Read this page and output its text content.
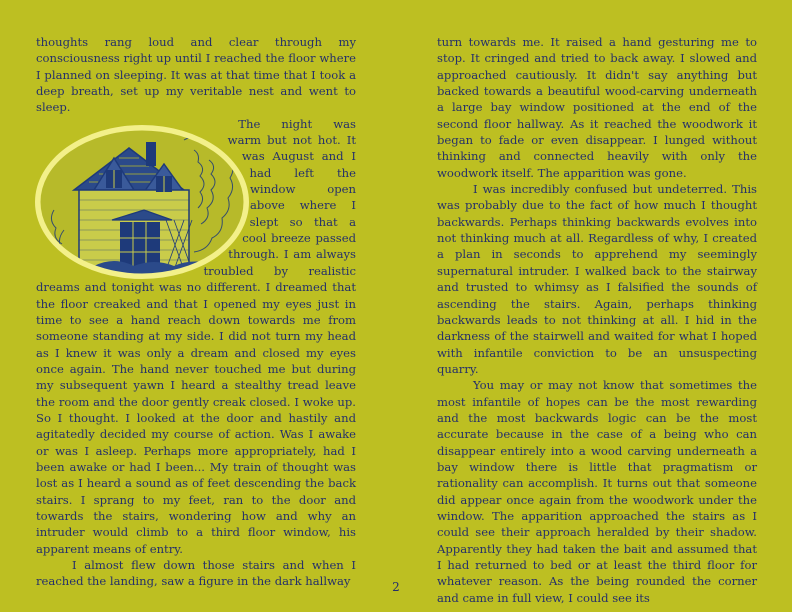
thoughts rang loud and clear through my consciousness right up until I reached the floor where I planned on sleeping. It was at that time that I took a deep breath, set up my veritable nest and went to sleep.

The night was warm but not hot. It was August and I had left the window open above where I slept so that a cool breeze passed through. I am always troubled by realistic dreams and tonight was no different. I dreamed that the floor creaked and that I opened my eyes just in time to see a hand reach down towards me from someone standing at my side. I did not turn my head as I knew it was only a dream and closed my eyes once again. The hand never touched me but during my subsequent yawn I heard a stealthy tread leave the room and the door gently creak closed. I woke up. So I thought. I looked at the door and hastily and agitatedly decided my course of action. Was I awake or was I asleep. Perhaps more appropriately, had I been awake or had I been... My train of thought was lost as I heard a sound as of feet descending the back stairs. I sprang to my feet, ran to the door and towards the stairs, wondering how and why an intruder would climb to a third floor window, his apparent means of entry.

I almost flew down those stairs and when I reached the landing, saw a figure in the dark hallway

turn towards me. It raised a hand gesturing me to stop. It cringed and tried to back away. I slowed and approached cautiously. It didn't say anything but backed towards a beautiful wood-carving underneath a large bay window positioned at the end of the second floor hallway. As it reached the woodwork it began to fade or even disappear. I lunged without thinking and connected heavily with only the woodwork itself. The apparition was gone.

I was incredibly confused but undeterred. This was probably due to the fact of how much I thought backwards. Perhaps thinking backwards evolves into not thinking much at all. Regardless of why, I created a plan in seconds to apprehend my seemingly supernatural intruder. I walked back to the stairway and trusted to whimsy as I falsified the sounds of ascending the stairs. Again, perhaps thinking backwards leads to not thinking at all. I hid in the darkness of the stairwell and waited for what I hoped with infantile conviction to be an unsuspecting quarry.

You may or may not know that sometimes the most infantile of hopes can be the most rewarding and the most backwards logic can be the most accurate because in the case of a being who can disappear entirely into a wood carving underneath a bay window there is little that pragmatism or rationality can accomplish. It turns out that someone did appear once again from the woodwork under the window. The apparition approached the stairs as I could see their approach heralded by their shadow. Apparently they had taken the bait and assumed that I had returned to bed or at least the third floor for whatever reason. As the being rounded the corner and came in full view, I could see its

2
